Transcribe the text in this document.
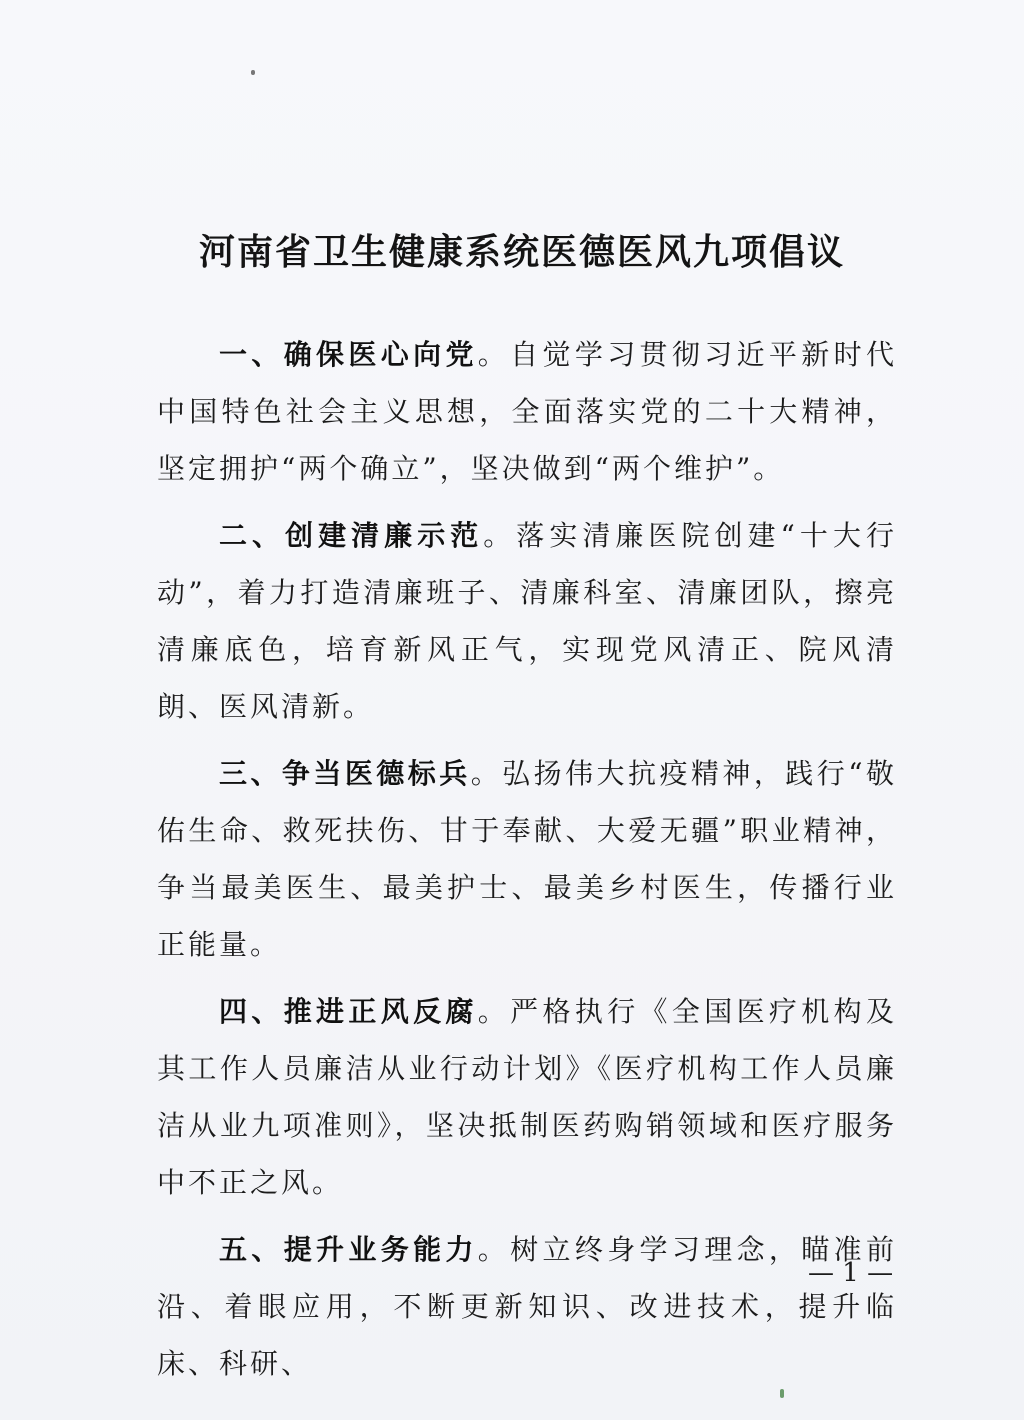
河南省卫生健康系统医德医风九项倡议

一、确保医心向党。自觉学习贯彻习近平新时代中国特色社会主义思想，全面落实党的二十大精神，坚定拥护“两个确立”，坚决做到“两个维护”。

二、创建清廉示范。落实清廉医院创建“十大行动”，着力打造清廉班子、清廉科室、清廉团队，擦亮清廉底色，培育新风正气，实现党风清正、院风清朗、医风清新。

三、争当医德标兵。弘扬伟大抗疫精神，践行“敬佑生命、救死扶伤、甘于奉献、大爱无疆”职业精神，争当最美医生、最美护士、最美乡村医生，传播行业正能量。

四、推进正风反腐。严格执行《全国医疗机构及其工作人员廉洁从业行动计划》《医疗机构工作人员廉洁从业九项准则》，坚决抵制医药购销领域和医疗服务中不正之风。

五、提升业务能力。树立终身学习理念，瞄准前沿、着眼应用，不断更新知识、改进技术，提升临床、科研、

— 1 —
